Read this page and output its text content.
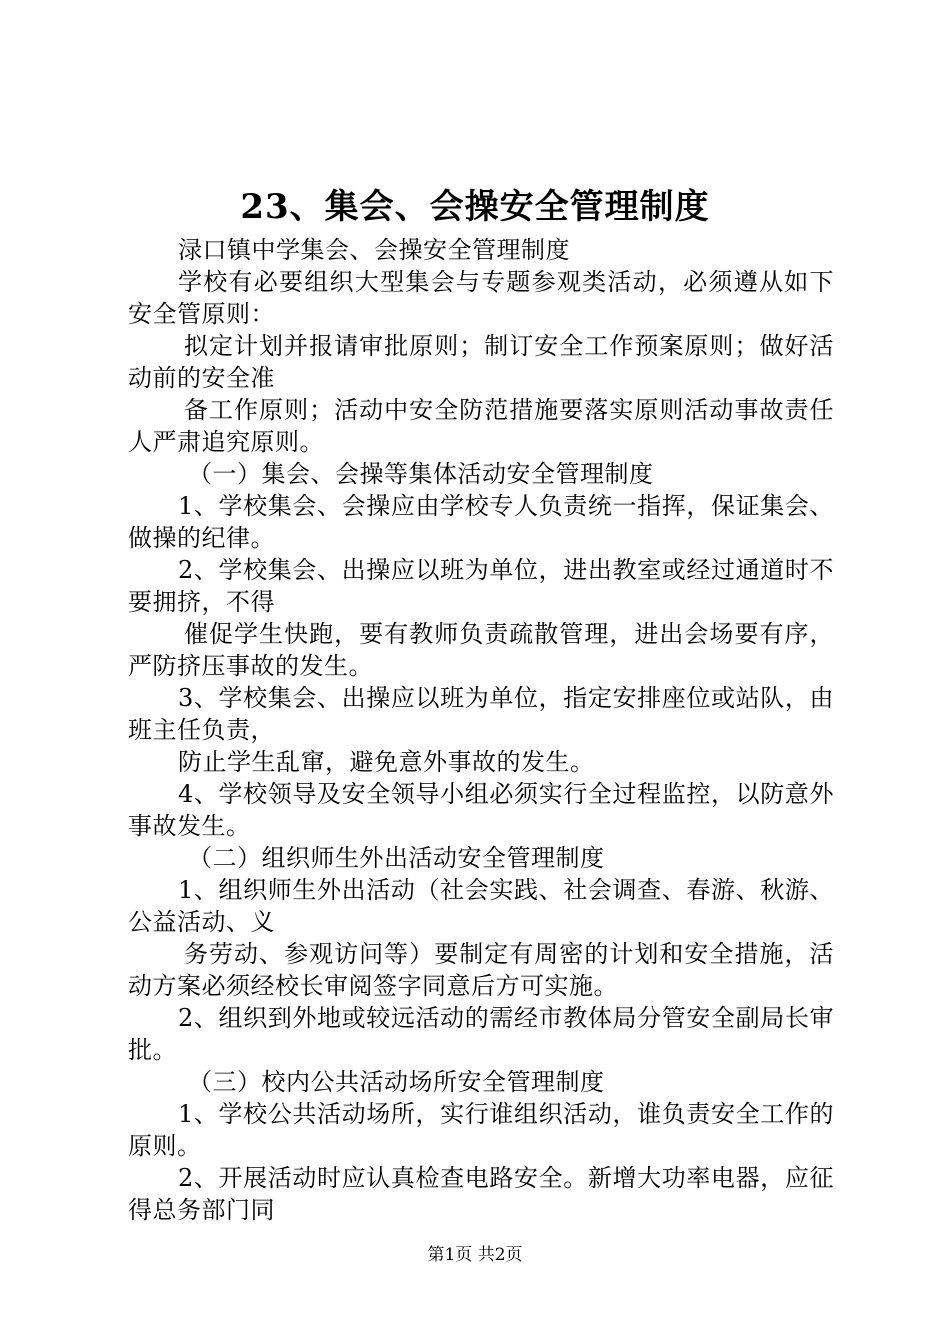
23、集会、会操安全管理制度

渌口镇中学集会、会操安全管理制度

学校有必要组织大型集会与专题参观类活动，必须遵从如下安全管原则：

拟定计划并报请审批原则；制订安全工作预案原则；做好活动前的安全准

备工作原则；活动中安全防范措施要落实原则活动事故责任人严肃追究原则。

（一）集会、会操等集体活动安全管理制度

1、学校集会、会操应由学校专人负责统一指挥，保证集会、做操的纪律。

2、学校集会、出操应以班为单位，进出教室或经过通道时不要拥挤，不得

催促学生快跑，要有教师负责疏散管理，进出会场要有序，严防挤压事故的发生。

3、学校集会、出操应以班为单位，指定安排座位或站队，由班主任负责，

防止学生乱窜，避免意外事故的发生。

4、学校领导及安全领导小组必须实行全过程监控，以防意外事故发生。

（二）组织师生外出活动安全管理制度

1、组织师生外出活动（社会实践、社会调查、春游、秋游、公益活动、义

务劳动、参观访问等）要制定有周密的计划和安全措施，活动方案必须经校长审阅签字同意后方可实施。

2、组织到外地或较远活动的需经市教体局分管安全副局长审批。

（三）校内公共活动场所安全管理制度

1、学校公共活动场所，实行谁组织活动，谁负责安全工作的原则。

2、开展活动时应认真检查电路安全。新增大功率电器，应征得总务部门同

第1页 共2页
